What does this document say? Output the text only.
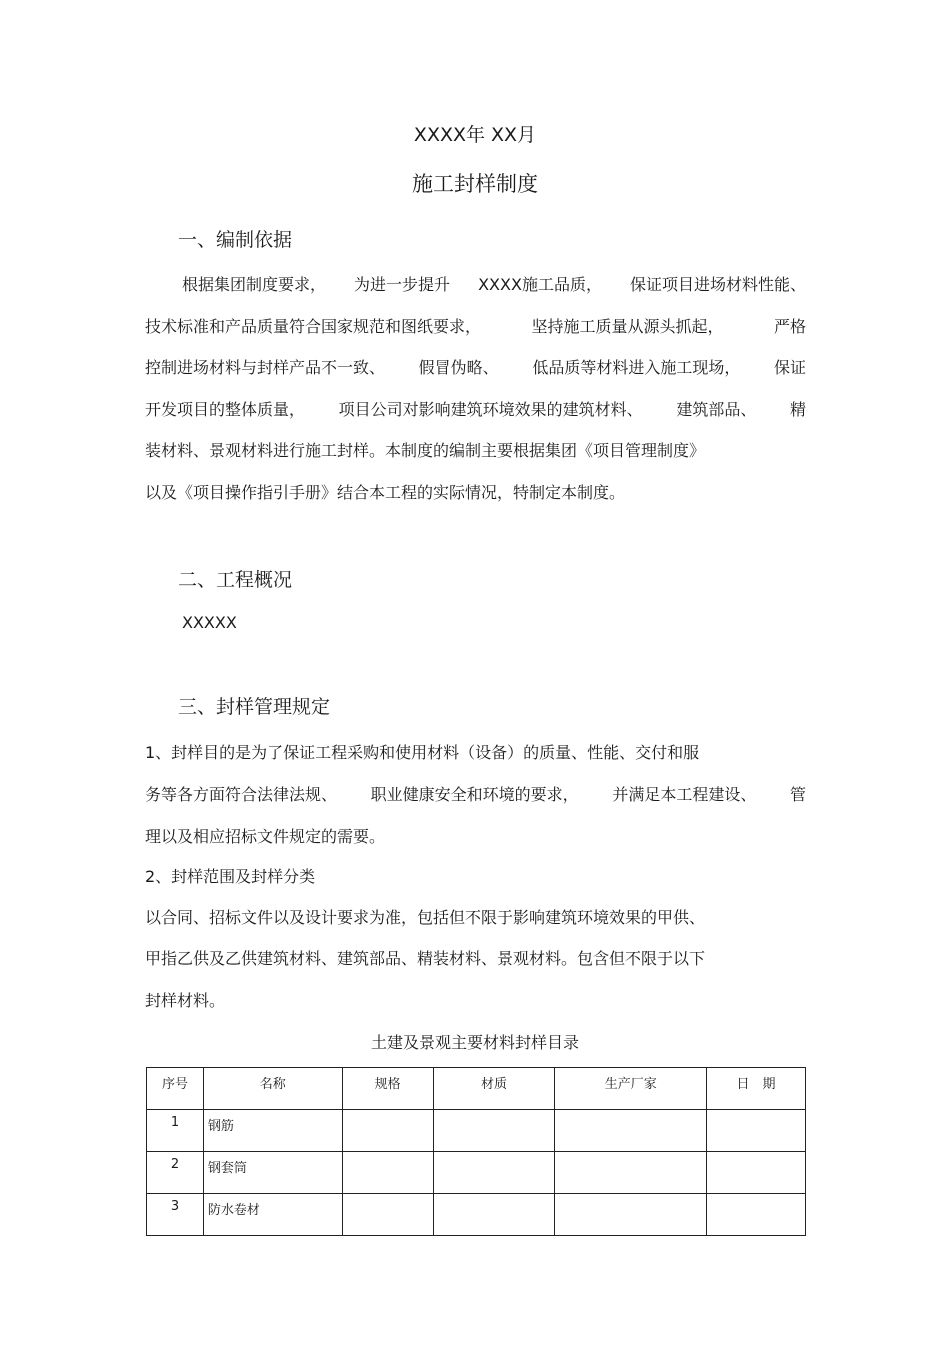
XXXX年 XX月
施工封样制度
一、编制依据
根据集团制度要求， 为进一步提升 XXXX施工品质， 保证项目进场材料性能、
技术标准和产品质量符合国家规范和图纸要求，	坚持施工质量从源头抓起，	严格
控制进场材料与封样产品不一致、 假冒伪略、 低品质等材料进入施工现场， 保证
开发项目的整体质量， 项目公司对影响建筑环境效果的建筑材料、 建筑部品、 精
装材料、景观材料进行施工封样。本制度的编制主要根据集团《项目管理制度》
以及《项目操作指引手册》结合本工程的实际情况，特制定本制度。
二、工程概况
XXXXX
三、封样管理规定
1、封样目的是为了保证工程采购和使用材料（设备）的质量、性能、交付和服
务等各方面符合法律法规、 职业健康安全和环境的要求， 并满足本工程建设、 管
理以及相应招标文件规定的需要。
2、封样范围及封样分类
以合同、招标文件以及设计要求为准，包括但不限于影响建筑环境效果的甲供、
甲指乙供及乙供建筑材料、建筑部品、精装材料、景观材料。包含但不限于以下
封样材料。
土建及景观主要材料封样目录
序号	名称	规格	材质	生产厂家	日　期
1	钢筋				
2	钢套筒				
3	防水卷材				
